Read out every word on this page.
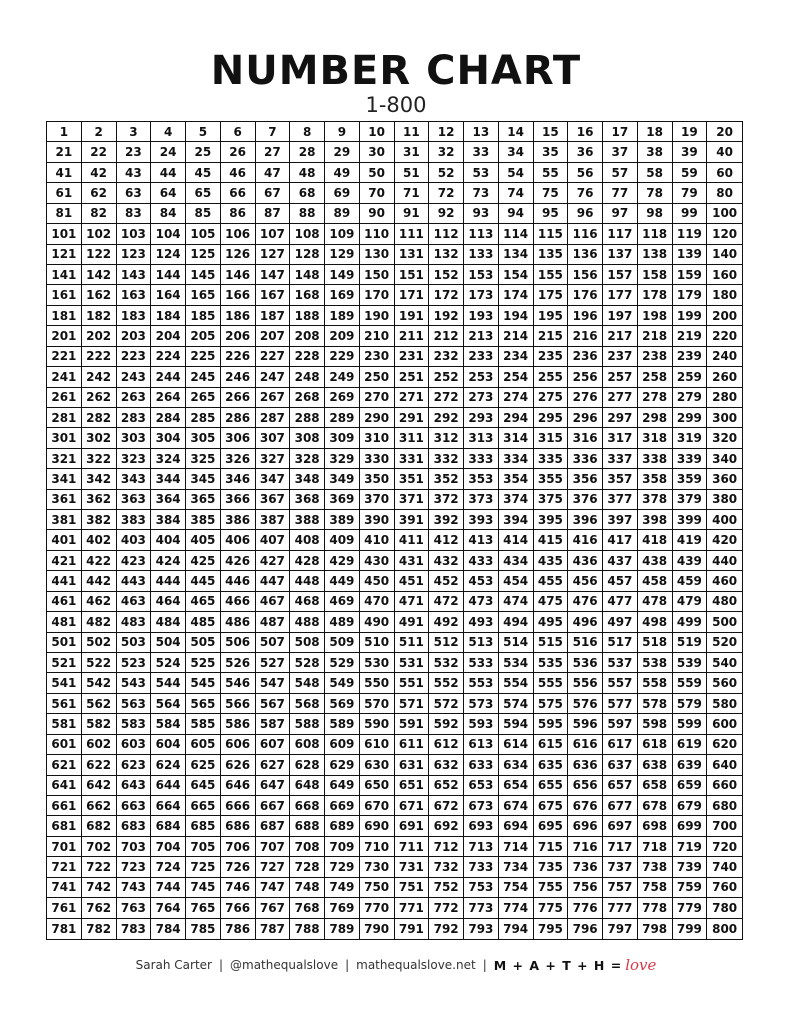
NUMBER CHART
1-800
1	2	3	4	5	6	7	8	9	10	11	12	13	14	15	16	17	18	19	20
21	22	23	24	25	26	27	28	29	30	31	32	33	34	35	36	37	38	39	40
41	42	43	44	45	46	47	48	49	50	51	52	53	54	55	56	57	58	59	60
61	62	63	64	65	66	67	68	69	70	71	72	73	74	75	76	77	78	79	80
81	82	83	84	85	86	87	88	89	90	91	92	93	94	95	96	97	98	99	100
101 102 103 104 105 106 107 108 109 110 111 112 113 114 115 116 117 118 119 120
121 122 123 124 125 126 127 128 129 130 131 132 133 134 135 136 137 138 139 140
141 142 143 144 145 146 147 148 149 150 151 152 153 154 155 156 157 158 159 160
161 162 163 164 165 166 167 168 169 170 171 172 173 174 175 176 177 178 179 180
181 182 183 184 185 186 187 188 189 190 191 192 193 194 195 196 197 198 199 200
201 202 203 204 205 206 207 208 209 210 211 212 213 214 215 216 217 218 219 220
221 222 223 224 225 226 227 228 229 230 231 232 233 234 235 236 237 238 239 240
241 242 243 244 245 246 247 248 249 250 251 252 253 254 255 256 257 258 259 260
261 262 263 264 265 266 267 268 269 270 271 272 273 274 275 276 277 278 279 280
281 282 283 284 285 286 287 288 289 290 291 292 293 294 295 296 297 298 299 300
301 302 303 304 305 306 307 308 309 310 311 312 313 314 315 316 317 318 319 320
321 322 323 324 325 326 327 328 329 330 331 332 333 334 335 336 337 338 339 340
341 342 343 344 345 346 347 348 349 350 351 352 353 354 355 356 357 358 359 360
361 362 363 364 365 366 367 368 369 370 371 372 373 374 375 376 377 378 379 380
381 382 383 384 385 386 387 388 389 390 391 392 393 394 395 396 397 398 399 400
401 402 403 404 405 406 407 408 409 410 411 412 413 414 415 416 417 418 419 420
421 422 423 424 425 426 427 428 429 430 431 432 433 434 435 436 437 438 439 440
441 442 443 444 445 446 447 448 449 450 451 452 453 454 455 456 457 458 459 460
461 462 463 464 465 466 467 468 469 470 471 472 473 474 475 476 477 478 479 480
481 482 483 484 485 486 487 488 489 490 491 492 493 494 495 496 497 498 499 500
501 502 503 504 505 506 507 508 509 510 511 512 513 514 515 516 517 518 519 520
521 522 523 524 525 526 527 528 529 530 531 532 533 534 535 536 537 538 539 540
541 542 543 544 545 546 547 548 549 550 551 552 553 554 555 556 557 558 559 560
561 562 563 564 565 566 567 568 569 570 571 572 573 574 575 576 577 578 579 580
581 582 583 584 585 586 587 588 589 590 591 592 593 594 595 596 597 598 599 600
601 602 603 604 605 606 607 608 609 610 611 612 613 614 615 616 617 618 619 620
621 622 623 624 625 626 627 628 629 630 631 632 633 634 635 636 637 638 639 640
641 642 643 644 645 646 647 648 649 650 651 652 653 654 655 656 657 658 659 660
661 662 663 664 665 666 667 668 669 670 671 672 673 674 675 676 677 678 679 680
681 682 683 684 685 686 687 688 689 690 691 692 693 694 695 696 697 698 699 700
701 702 703 704 705 706 707 708 709 710 711 712 713 714 715 716 717 718 719 720
721 722 723 724 725 726 727 728 729 730 731 732 733 734 735 736 737 738 739 740
741 742 743 744 745 746 747 748 749 750 751 752 753 754 755 756 757 758 759 760
761 762 763 764 765 766 767 768 769 770 771 772 773 774 775 776 777 778 779 780
781 782 783 784 785 786 787 788 789 790 791 792 793 794 795 796 797 798 799 800
Sarah Carter | @mathequalslove | mathequalslove.net | M + A + T + H = love
